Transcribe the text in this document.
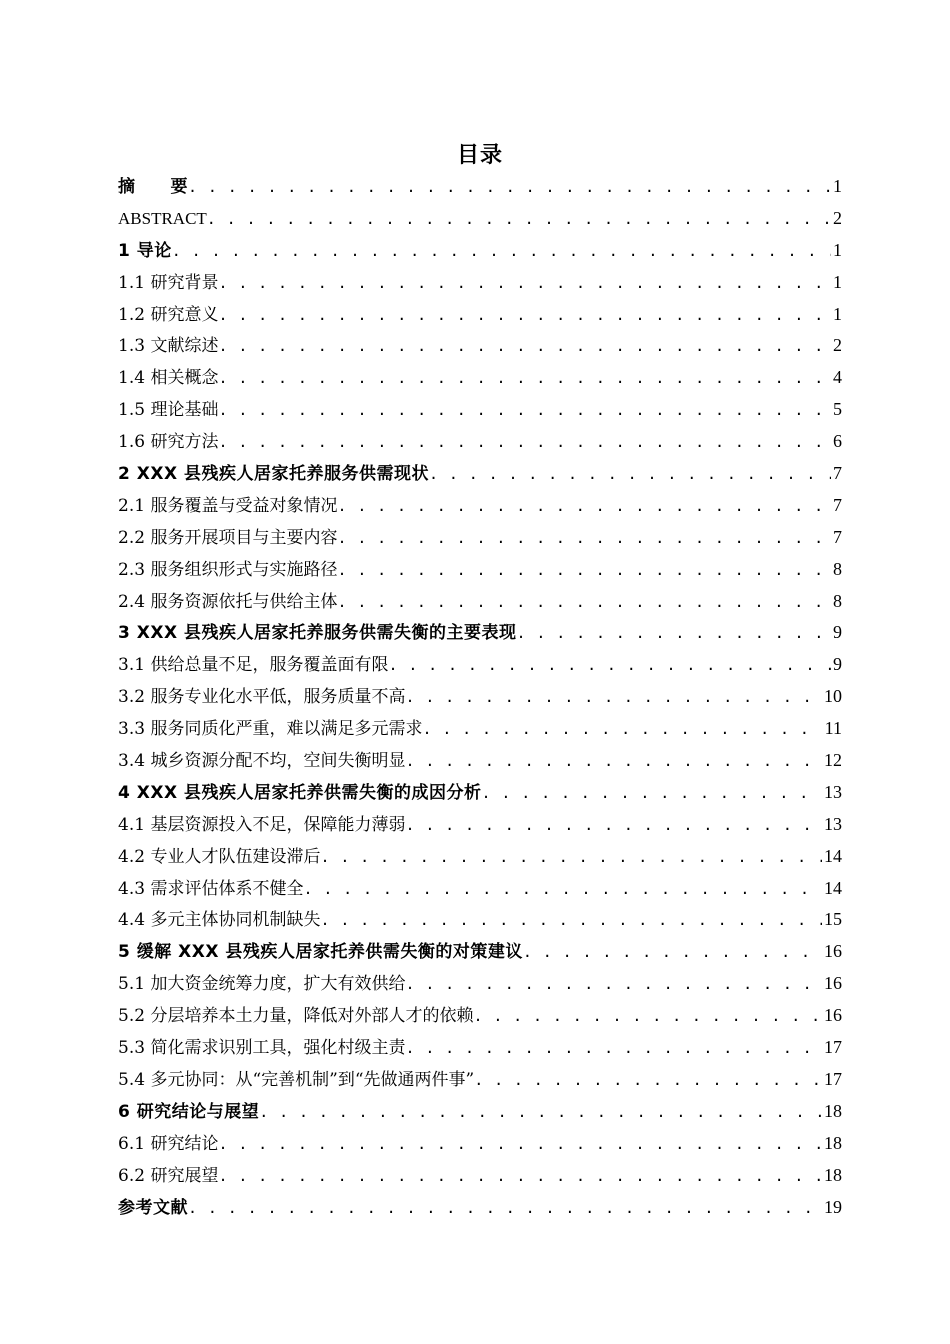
目录
摘　　要 . . .	1
ABSTRACT . . .	2
1 导论 . . .	1
1.1 研究背景 . . .	1
1.2 研究意义 . . .	1
1.3 文献综述 . . .	2
1.4 相关概念 . . .	4
1.5 理论基础 . . .	5
1.6 研究方法 . . .	6
2 XXX 县残疾人居家托养服务供需现状 . . .	7
2.1 服务覆盖与受益对象情况 . . .	7
2.2 服务开展项目与主要内容 . . .	7
2.3 服务组织形式与实施路径 . . .	8
2.4 服务资源依托与供给主体 . . .	8
3 XXX 县残疾人居家托养服务供需失衡的主要表现 . . .	9
3.1 供给总量不足，服务覆盖面有限 . . .	9
3.2 服务专业化水平低，服务质量不高 . . .	10
3.3 服务同质化严重，难以满足多元需求 . . .	11
3.4 城乡资源分配不均，空间失衡明显 . . .	12
4 XXX 县残疾人居家托养供需失衡的成因分析 . . .	13
4.1 基层资源投入不足，保障能力薄弱 . . .	13
4.2 专业人才队伍建设滞后 . . .	14
4.3 需求评估体系不健全 . . .	14
4.4 多元主体协同机制缺失 . . .	15
5 缓解 XXX 县残疾人居家托养供需失衡的对策建议 . . .	16
5.1 加大资金统筹力度，扩大有效供给 . . .	16
5.2 分层培养本土力量，降低对外部人才的依赖 . . .	16
5.3 简化需求识别工具，强化村级主责 . . .	17
5.4 多元协同：从“完善机制”到“先做通两件事” . . .	17
6 研究结论与展望 . . .	18
6.1 研究结论 . . .	18
6.2 研究展望 . . .	18
参考文献 . . .	19
